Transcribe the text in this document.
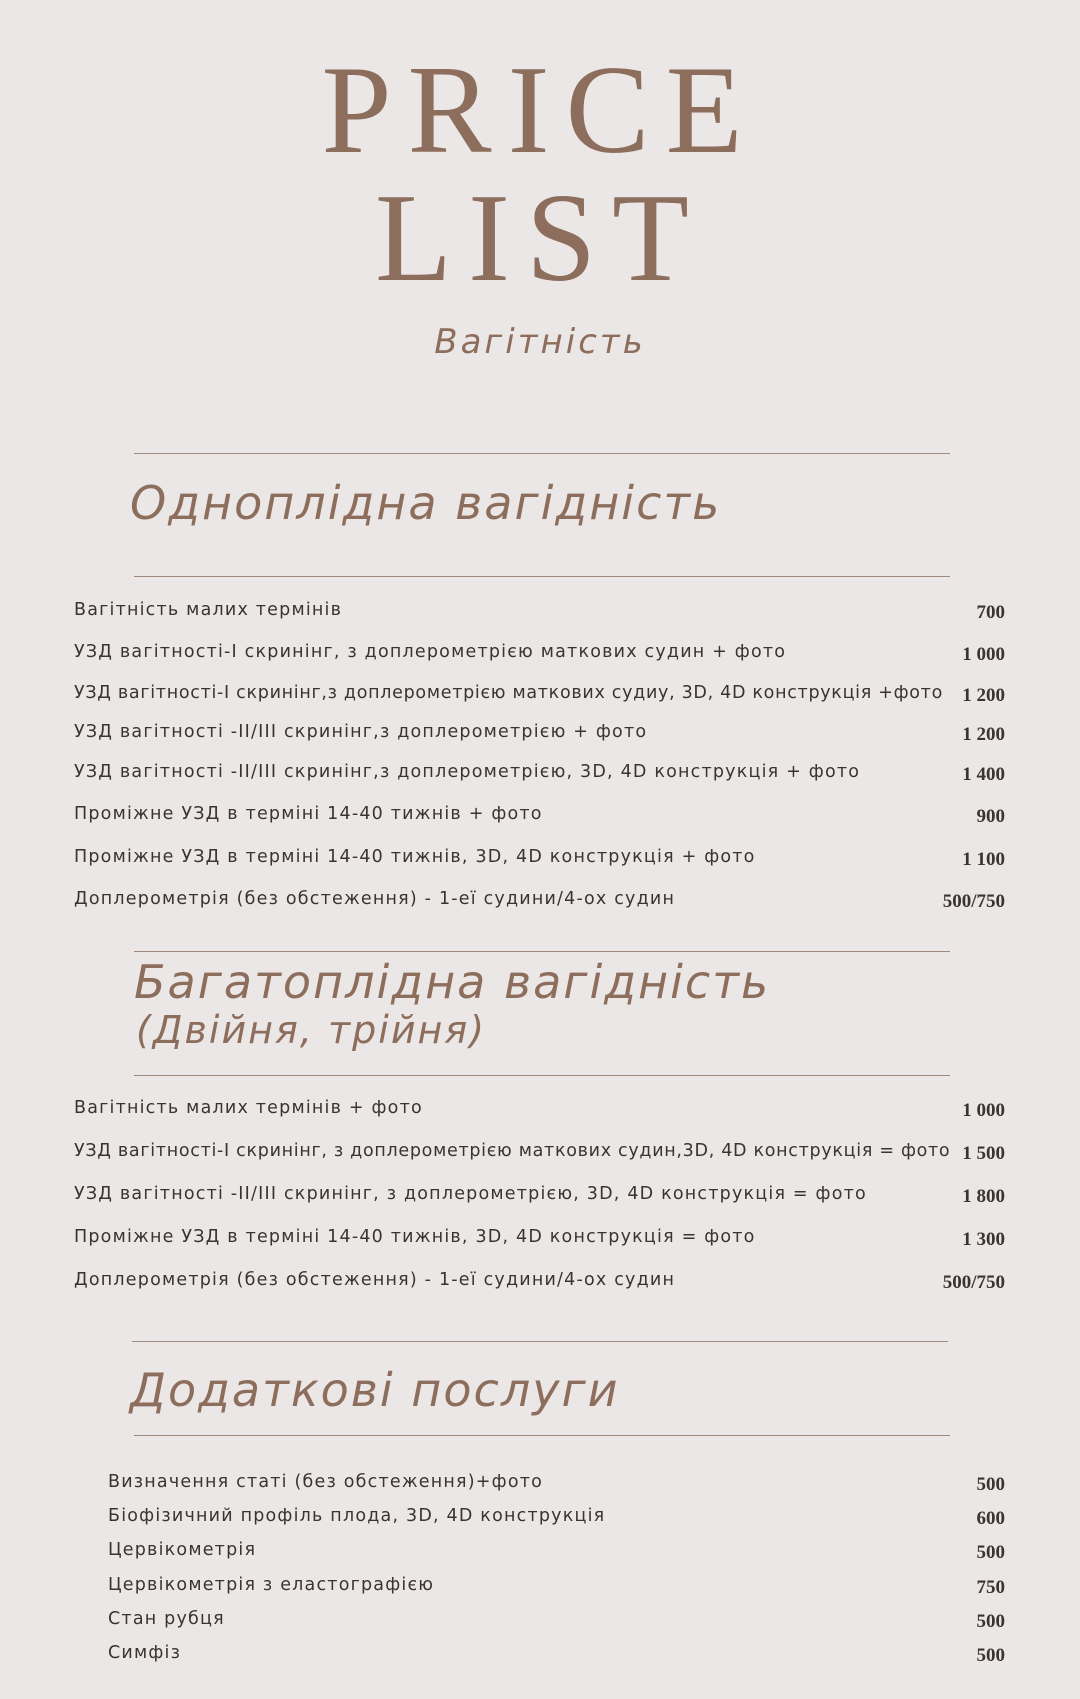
PRICE
LIST
Вагітність
Одноплідна вагідність
Вагітність малих термінів	700
УЗД вагітності-І скринінг, з доплерометрією маткових судин + фото	1 000
УЗД вагітності-І скринінг,з доплерометрією маткових судиу, 3D, 4D конструкція +фото 1 200
УЗД вагітності -ІІ/ІІІ скринінг,з доплерометрією + фото	1 200
УЗД вагітності -ІІ/ІІІ скринінг,з доплерометрією, 3D, 4D конструкція + фото	1 400
Проміжне УЗД в терміні 14-40 тижнів + фото	900
Проміжне УЗД в терміні 14-40 тижнів, 3D, 4D конструкція + фото	1 100
Доплерометрія (без обстеження) - 1-еї судини/4-ох судин	500/750
Багатоплідна вагідність
(Двійня, трійня)
Вагітність малих термінів + фото	1 000
УЗД вагітності-І скринінг, з доплерометрією маткових судин,3D, 4D конструкція = фото 1 500
УЗД вагітності -ІІ/ІІІ скринінг, з доплерометрією, 3D, 4D конструкція = фото	1 800
Проміжне УЗД в терміні 14-40 тижнів, 3D, 4D конструкція = фото	1 300
Доплерометрія (без обстеження) - 1-еї судини/4-ох судин	500/750
Додаткові послуги
Визначення статі (без обстеження)+фото	500
Біофізичний профіль плода, 3D, 4D конструкція	600
Цервікометрія	500
Цервікометрія з еластографією	750
Стан рубця	500
Симфіз	500
